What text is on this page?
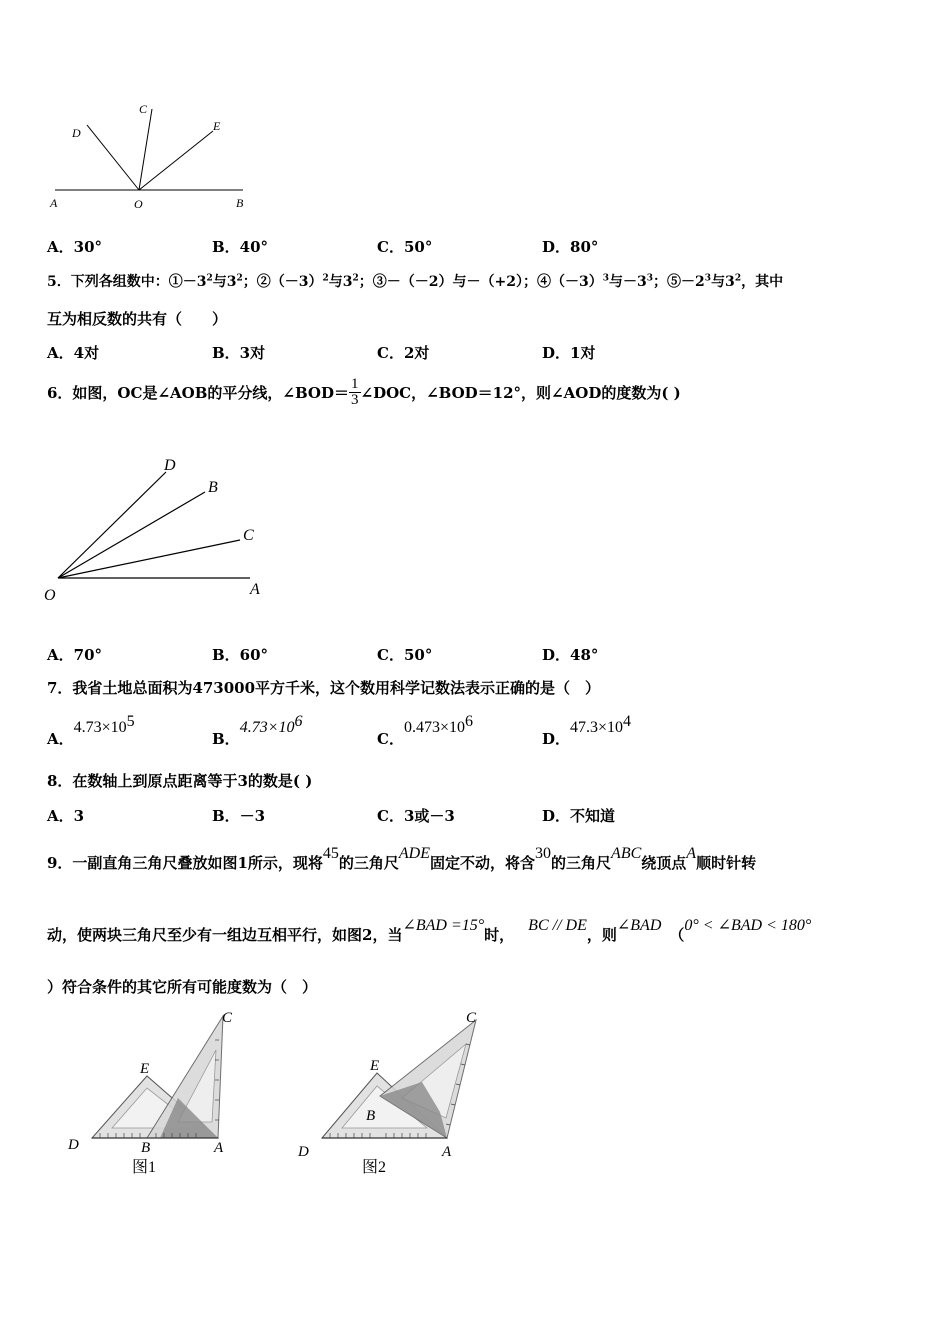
C
D	E
A	O	B
A．30°	B．40°	C．50°	D．80°
5．下列各组数中：$①-3^2$与$3^2$；$②(-3)^2$与$3^2$；③－（－2）与－（+2）；$④(-3)^3$与$-3^3$；$⑤-2^3$与$3^2$，其中
互为相反数的共有（　　）
A．4对	B．3对	C．2对	D．1对
6．如图，OC是∠AOB的平分线，∠BOD＝ $\frac{1}{3}$ ∠DOC，∠BOD＝12°，则∠AOD的度数为( )
D
B
C
O	A
A．70°	B．60°	C．50°	D．48°
7．我省土地总面积为473000平方千米，这个数用科学记数法表示正确的是（　）
A．$4.73\times 10^5$
B．$4.73\times 10^6$
C．$0.473\times 10^6$
D．$47.3\times 10^4$
8．在数轴上到原点距离等于3的数是( )
A．3	B．－3	C．3或－3	D．不知道
9．一副直角三角尺叠放如图1所示，现将45的三角尺ADE固定不动，将含30的三角尺ABC绕顶点A顺时针转
动，使两块三角尺至少有一组边互相平行，如图2，当∠BAD =15°时，BC // DE，则∠BAD（0° < ∠BAD < 180°
）符合条件的其它所有可能度数为（　）
C
E
D	B	A
图1
C
E
B
D	A
图2
